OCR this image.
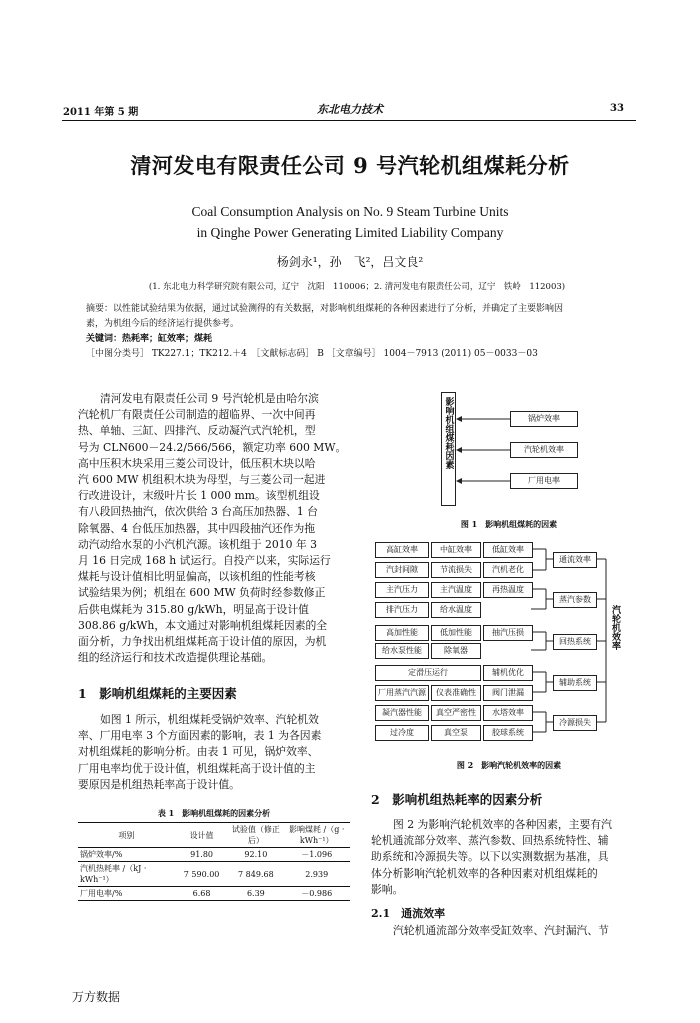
2011 年第 5 期	东北电力技术	33
清河发电有限责任公司 9 号汽轮机组煤耗分析
Coal Consumption Analysis on No. 9 Steam Turbine Units
in Qinghe Power Generating Limited Liability Company
杨剑永¹，孙　飞²，吕文良²
(1. 东北电力科学研究院有限公司，辽宁　沈阳　110006；2. 清河发电有限责任公司，辽宁　铁岭　112003)
摘要：以性能试验结果为依据，通过试验测得的有关数据，对影响机组煤耗的各种因素进行了分析，并确定了主要影响因
素，为机组今后的经济运行提供参考。
关键词：热耗率；缸效率；煤耗
［中图分类号］ TK227.1；TK212.＋4　［文献标志码］ B ［文章编号］ 1004－7913 (2011) 05－0033－03
清河发电有限责任公司 9 号汽轮机是由哈尔滨
汽轮机厂有限责任公司制造的超临界、一次中间再
热、单轴、三缸、四排汽、反动凝汽式汽轮机，型
号为 CLN600－24.2/566/566，额定功率 600 MW。
高中压积木块采用三菱公司设计，低压积木块以哈
汽 600 MW 机组积木块为母型，与三菱公司一起进
行改进设计，末级叶片长 1 000 mm。该型机组设
有八段回热抽汽，依次供给 3 台高压加热器、1 台
除氧器、4 台低压加热器，其中四段抽汽还作为拖
动汽动给水泵的小汽机汽源。该机组于 2010 年 3
月 16 日完成 168 h 试运行。自投产以来，实际运行
煤耗与设计值相比明显偏高，以该机组的性能考核
试验结果为例；机组在 600 MW 负荷时经参数修正
后供电煤耗为 315.80 g/kWh，明显高于设计值
308.86 g/kWh，本文通过对影响机组煤耗因素的全
面分析，力争找出机组煤耗高于设计值的原因，为机
组的经济运行和技术改造提供理论基础。
1　影响机组煤耗的主要因素
如图 1 所示，机组煤耗受锅炉效率、汽轮机效
率、厂用电率 3 个方面因素的影响，表 1 为各因素
对机组煤耗的影响分析。由表 1 可见，锅炉效率、
厂用电率均优于设计值，机组煤耗高于设计值的主
要原因是机组热耗率高于设计值。
表 1　影响机组煤耗的因素分析
项别	设计值	试验值（修正后）	影响煤耗 /（g · kWh⁻¹）
锅炉效率/%	91.80	92.10	－1.096
汽机热耗率 /（kJ · kWh⁻¹）	7 590.00	7 849.68	2.939
厂用电率/%	6.68	6.39	－0.986
影响机组煤耗因素	锅炉效率
汽轮机效率
厂用电率
图 1　影响机组煤耗的因素
高缸效率	中缸效率	低缸效率
汽封间隙	节流损失	汽机老化
主汽压力	主汽温度	再热温度
排汽压力	给水温度
高加性能	低加性能	抽汽压损
给水泵性能	除氧器
定滑压运行	辅机优化
厂用蒸汽汽源	仪表准确性	阀门泄漏
凝汽器性能	真空严密性	水塔效率
过冷度	真空泵	胶球系统
通流效率
蒸汽参数
回热系统
辅助系统
冷源损失
汽轮机效率
图 2　影响汽轮机效率的因素
2　影响机组热耗率的因素分析
图 2 为影响汽轮机效率的各种因素，主要有汽
轮机通流部分效率、蒸汽参数、回热系统特性、辅
助系统和冷源损失等。以下以实测数据为基准，具
体分析影响汽轮机效率的各种因素对机组煤耗的
影响。
2.1　通流效率
汽轮机通流部分效率受缸效率、汽封漏汽、节
万方数据
